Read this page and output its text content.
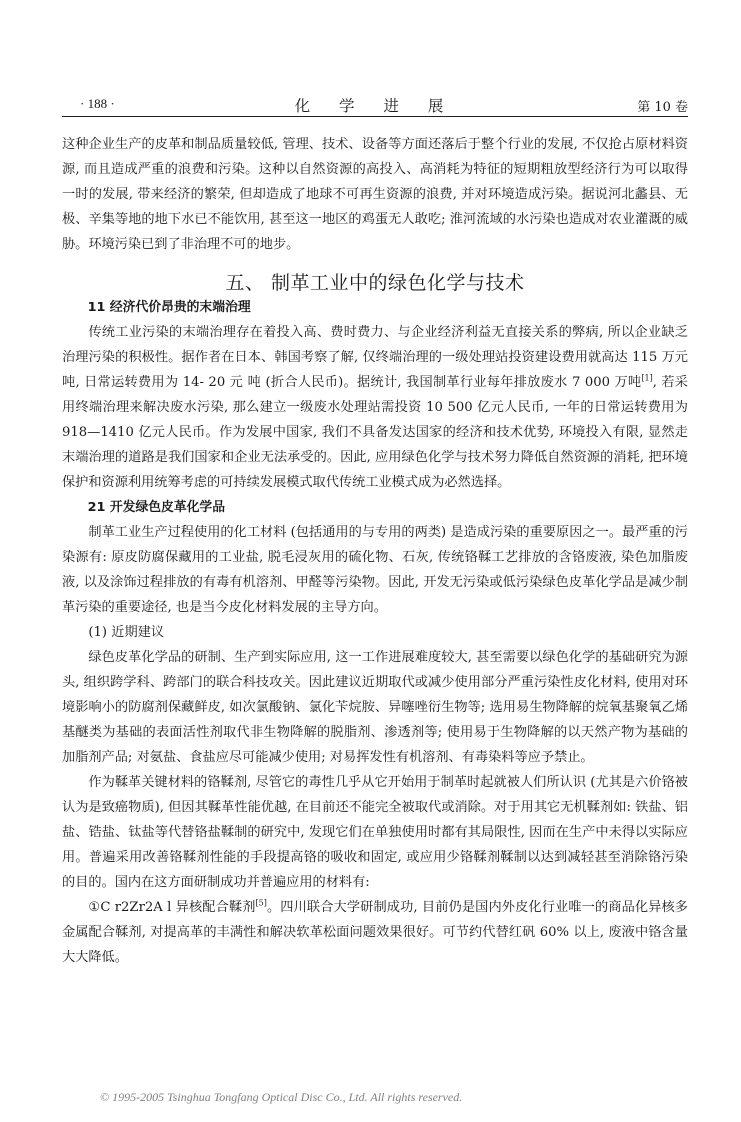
· 188 ·	化 学 进 展	第 10 卷

这种企业生产的皮革和制品质量较低, 管理、技术、设备等方面还落后于整个行业的发展, 不仅抢占原材料资源, 而且造成严重的浪费和污染。这种以自然资源的高投入、高消耗为特征的短期粗放型经济行为可以取得一时的发展, 带来经济的繁荣, 但却造成了地球不可再生资源的浪费, 并对环境造成污染。据说河北蠡县、无极、辛集等地的地下水已不能饮用, 甚至这一地区的鸡蛋无人敢吃; 淮河流域的水污染也造成对农业灌溉的威胁。环境污染已到了非治理不可的地步。

五、 制革工业中的绿色化学与技术
11 经济代价昂贵的末端治理

传统工业污染的末端治理存在着投入高、费时费力、与企业经济利益无直接关系的弊病, 所以企业缺乏治理污染的积极性。据作者在日本、韩国考察了解, 仅终端治理的一级处理站投资建设费用就高达 115 万元 吨, 日常运转费用为 14- 20 元 吨 (折合人民币)。据统计, 我国制革行业每年排放废水 7 000 万吨[1], 若采用终端治理来解决废水污染, 那么建立一级废水处理站需投资 10 500 亿元人民币, 一年的日常运转费用为 918—1410 亿元人民币。作为发展中国家, 我们不具备发达国家的经济和技术优势, 环境投入有限, 显然走末端治理的道路是我们国家和企业无法承受的。因此, 应用绿色化学与技术努力降低自然资源的消耗, 把环境保护和资源利用统筹考虑的可持续发展模式取代传统工业模式成为必然选择。

21 开发绿色皮革化学品

制革工业生产过程使用的化工材料 (包括通用的与专用的两类) 是造成污染的重要原因之一。最严重的污染源有: 原皮防腐保藏用的工业盐, 脱毛浸灰用的硫化物、石灰, 传统铬鞣工艺排放的含铬废液, 染色加脂废液, 以及涂饰过程排放的有毒有机溶剂、甲醛等污染物。因此, 开发无污染或低污染绿色皮革化学品是减少制革污染的重要途径, 也是当今皮化材料发展的主导方向。

(1) 近期建议

绿色皮革化学品的研制、生产到实际应用, 这一工作进展难度较大, 甚至需要以绿色化学的基础研究为源头, 组织跨学科、跨部门的联合科技攻关。因此建议近期取代或减少使用部分严重污染性皮化材料, 使用对环境影响小的防腐剂保藏鲜皮, 如次氯酸钠、氯化苄烷胺、异噻唑衍生物等; 选用易生物降解的烷氧基聚氧乙烯基醚类为基础的表面活性剂取代非生物降解的脱脂剂、渗透剂等; 使用易于生物降解的以天然产物为基础的加脂剂产品; 对氨盐、食盐应尽可能减少使用; 对易挥发性有机溶剂、有毒染料等应予禁止。

作为鞣革关键材料的铬鞣剂, 尽管它的毒性几乎从它开始用于制革时起就被人们所认识 (尤其是六价铬被认为是致癌物质), 但因其鞣革性能优越, 在目前还不能完全被取代或消除。对于用其它无机鞣剂如: 铁盐、铝盐、锆盐、钛盐等代替铬盐鞣制的研究中, 发现它们在单独使用时都有其局限性, 因而在生产中未得以实际应用。普遍采用改善铬鞣剂性能的手段提高铬的吸收和固定, 或应用少铬鞣剂鞣制以达到减轻甚至消除铬污染的目的。国内在这方面研制成功并普遍应用的材料有:

①C r2Zr2A l 异核配合鞣剂[5]。四川联合大学研制成功, 目前仍是国内外皮化行业唯一的商品化异核多金属配合鞣剂, 对提高革的丰满性和解决软革松面问题效果很好。可节约代替红矾 60% 以上, 废液中铬含量大大降低。

© 1995-2005 Tsinghua Tongfang Optical Disc Co., Ltd. All rights reserved.
